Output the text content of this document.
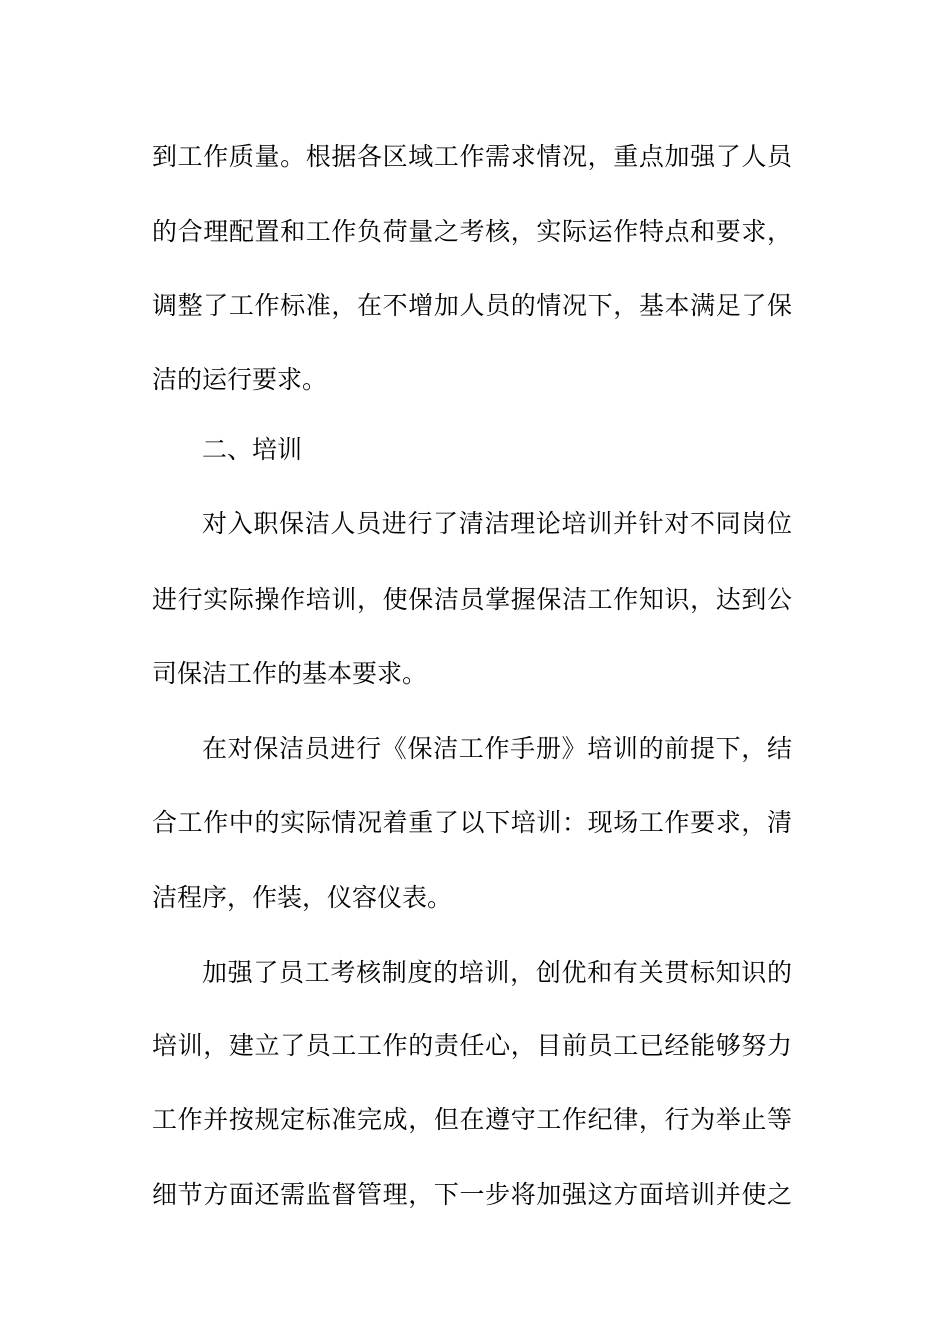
到工作质量。根据各区域工作需求情况，重点加强了人员
的合理配置和工作负荷量之考核，实际运作特点和要求，
调整了工作标准，在不增加人员的情况下，基本满足了保
洁的运行要求。
二、培训
对入职保洁人员进行了清洁理论培训并针对不同岗位
进行实际操作培训，使保洁员掌握保洁工作知识，达到公
司保洁工作的基本要求。
在对保洁员进行《保洁工作手册》培训的前提下，结
合工作中的实际情况着重了以下培训：现场工作要求，清
洁程序，作装，仪容仪表。
加强了员工考核制度的培训，创优和有关贯标知识的
培训，建立了员工工作的责任心，目前员工已经能够努力
工作并按规定标准完成，但在遵守工作纪律，行为举止等
细节方面还需监督管理，下一步将加强这方面培训并使之
